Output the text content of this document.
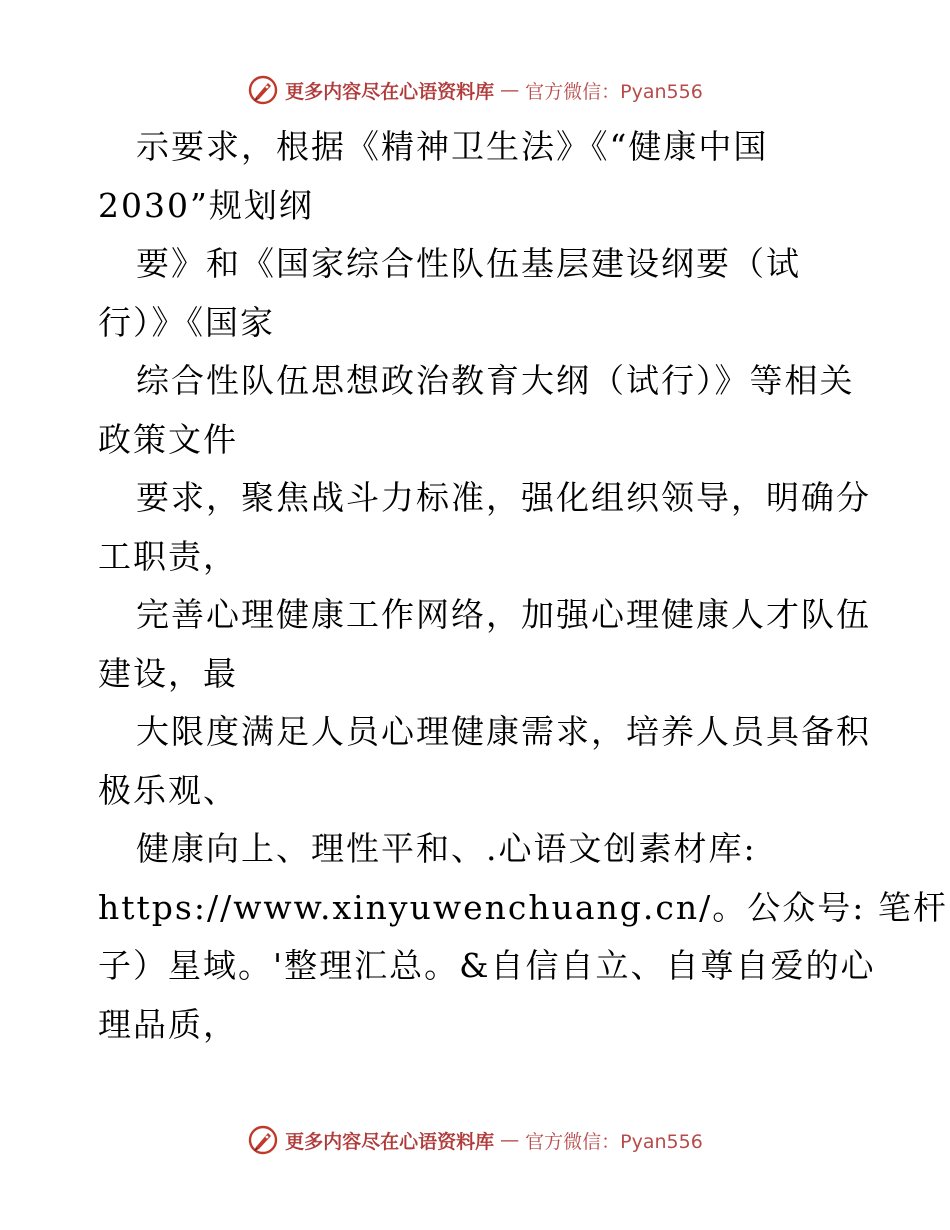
更多内容尽在心语资料库 — 官方微信：Pyan556
示要求，根据《精神卫生法》《“健康中国
2030”规划纲
要》和《国家综合性队伍基层建设纲要（试
行）》《国家
综合性队伍思想政治教育大纲（试行）》等相关
政策文件
要求，聚焦战斗力标准，强化组织领导，明确分
工职责，
完善心理健康工作网络，加强心理健康人才队伍
建设，最
大限度满足人员心理健康需求，培养人员具备积
极乐观、
健康向上、理性平和、.心语文创素材库:
https://www.xinyuwenchuang.cn/。公众号: 笔杆
子）星域。'整理汇总。&自信自立、自尊自爱的心
理品质，
更多内容尽在心语资料库 — 官方微信：Pyan556
